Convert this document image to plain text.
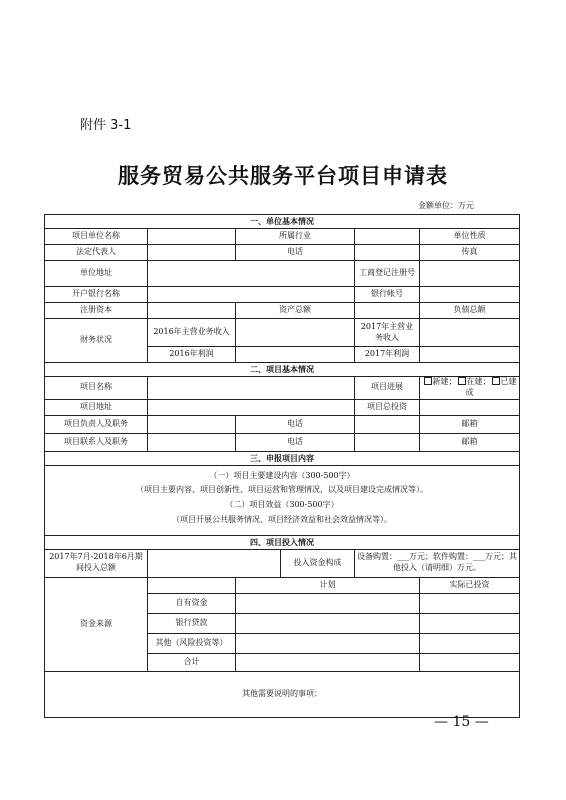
附件 3-1
服务贸易公共服务平台项目申请表
金额单位：万元
一、单位基本情况					
项目单位名称		所属行业			单位性质
法定代表人		电话			传真
单位地址				工商登记注册号	
开户银行名称				银行帐号	
注册资本		资产总额			负债总额
财务状况	2016年主营业务收入			2017年主营业务收入	
	2016年利润			2017年利润	
二、项目基本情况					
项目名称				项目进展	新建； 在建； 已建成
项目地址				项目总投资	
项目负责人及职务		电话			邮箱
项目联系人及职务		电话			邮箱
三、申报项目内容					

（一）项目主要建设内容（300-500字）
（项目主要内容、项目创新性、项目运营和管理情况，以及项目建设完成情况等）。
（二）项目效益（300-500字）
（项目开展公共服务情况、项目经济效益和社会效益情况等）。					

四、项目投入情况					
2017年7月-2018年6月期间投入总额			投入资金构成	设备购置：___万元；软件购置：___万元；其他投入（请明细）万元。	
资金来源		计划			实际已投资
	自有资金				
	银行贷款				
	其他（风险投资等）				
	合计				
其他需要说明的事项：					
— 15 —
